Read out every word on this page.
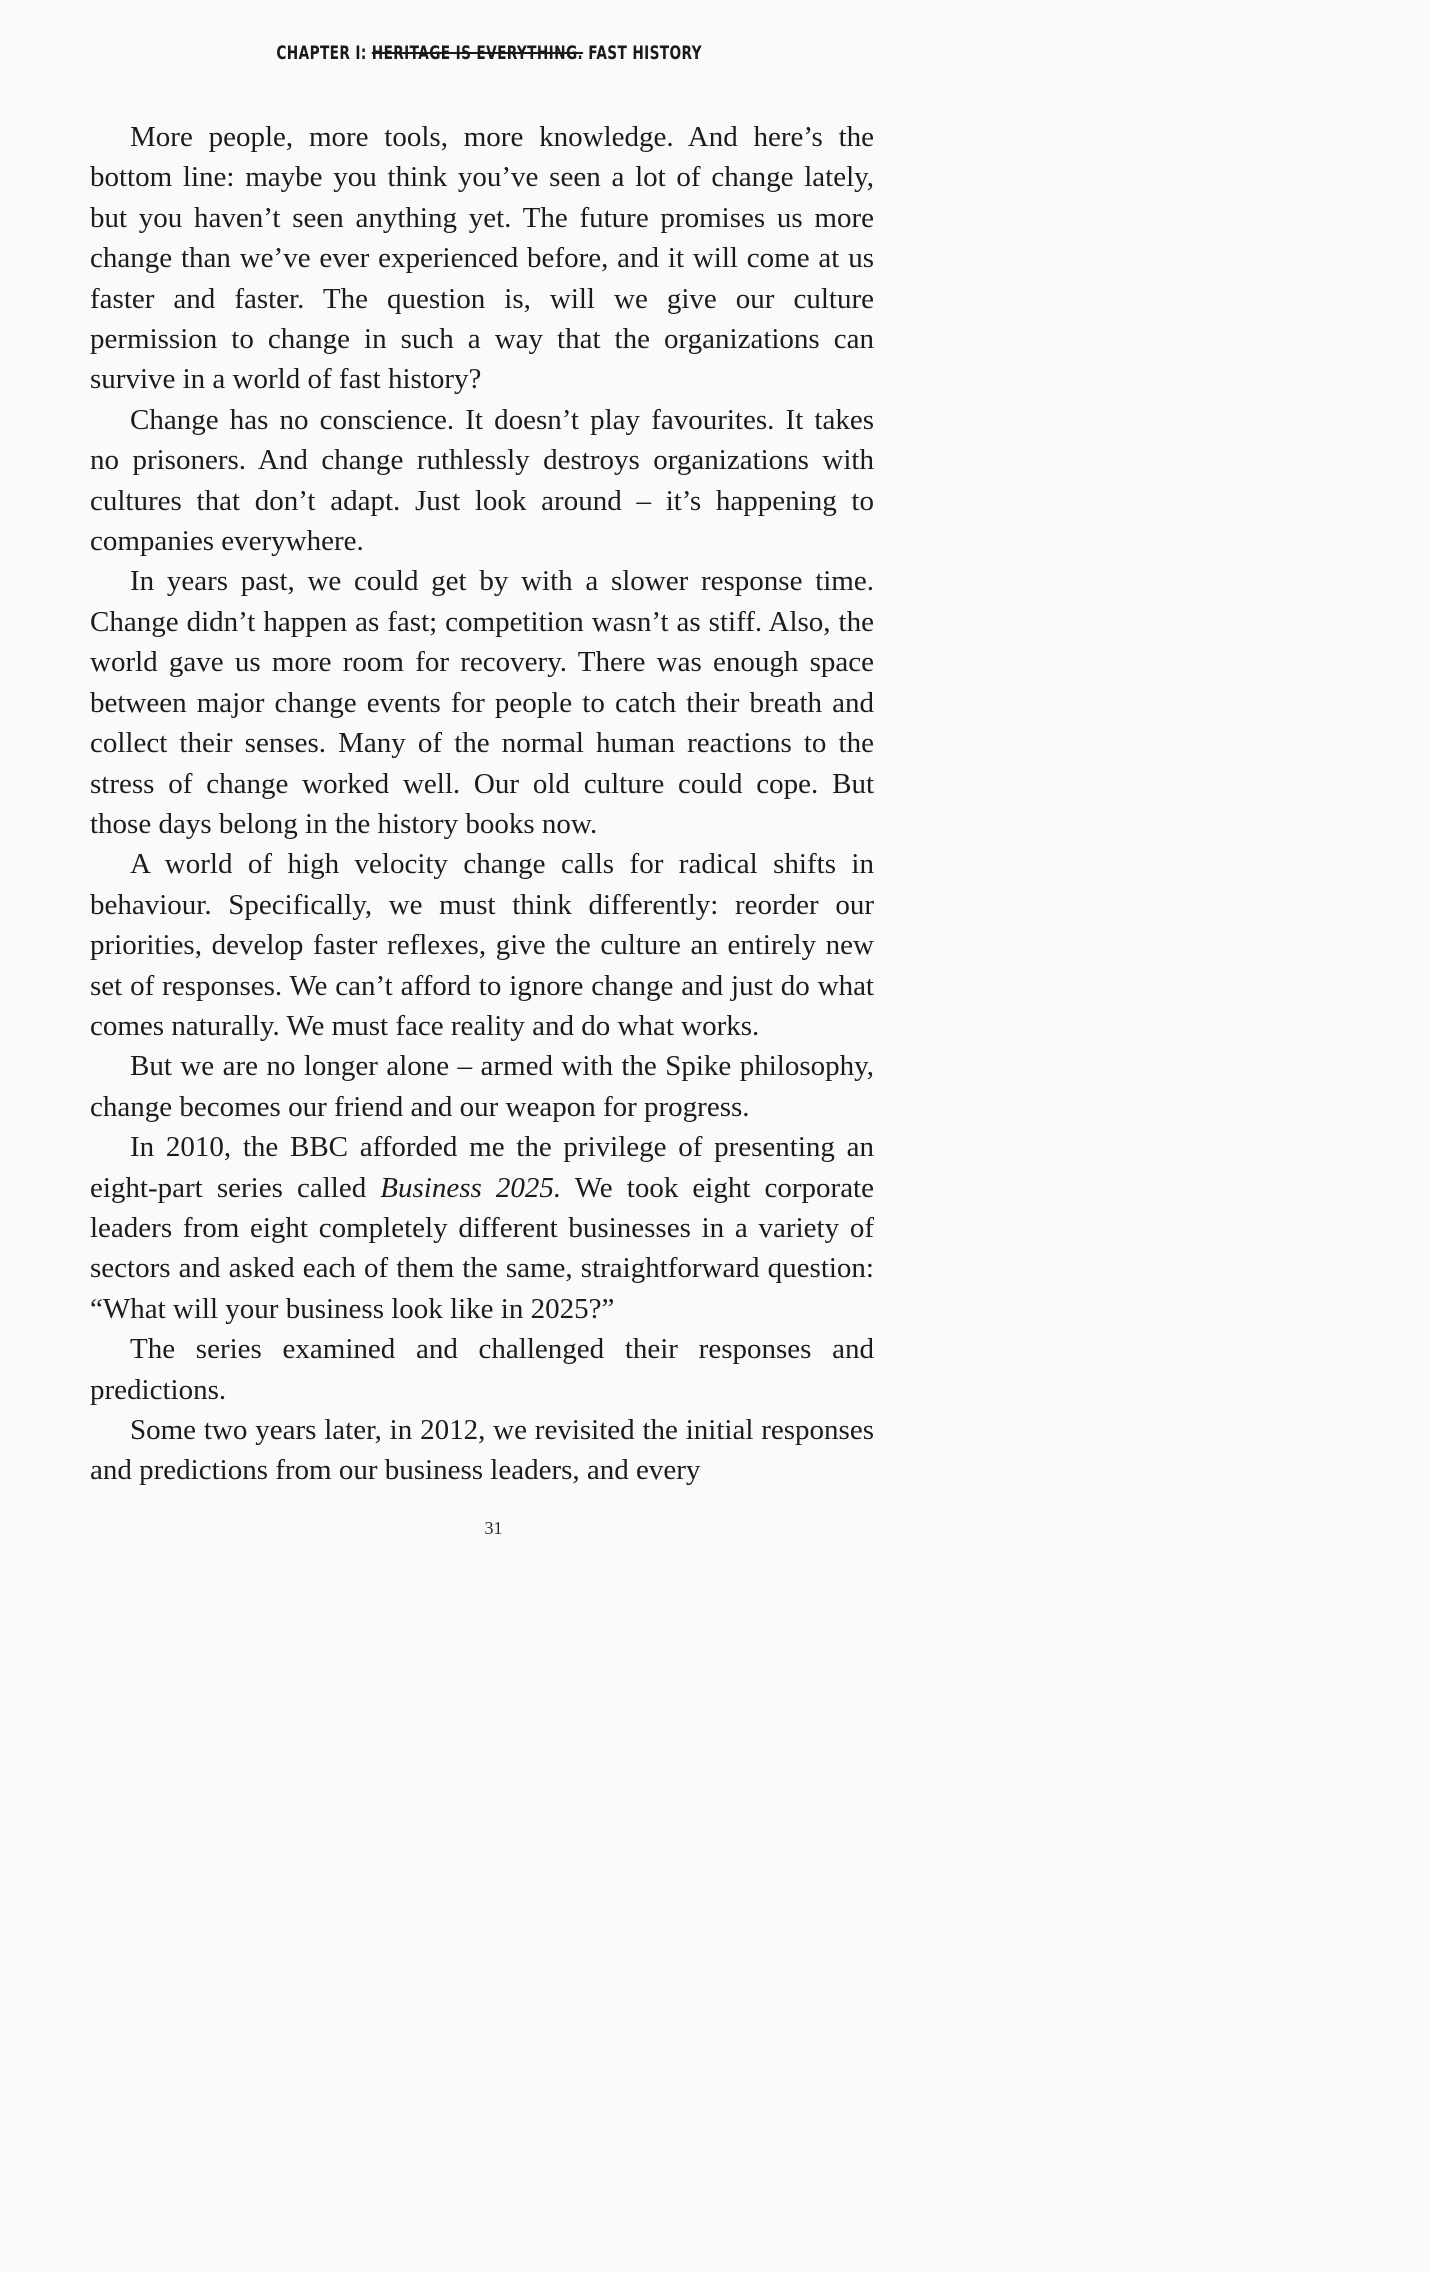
CHAPTER I: HERITAGE IS EVERYTHING. FAST HISTORY

More people, more tools, more knowledge. And here’s the bottom line: maybe you think you’ve seen a lot of change lately, but you haven’t seen anything yet. The future promises us more change than we’ve ever experienced before, and it will come at us faster and faster. The question is, will we give our culture permission to change in such a way that the organizations can survive in a world of fast history?

Change has no conscience. It doesn’t play favourites. It takes no prisoners. And change ruthlessly destroys organizations with cultures that don’t adapt. Just look around – it’s happening to companies everywhere.

In years past, we could get by with a slower response time. Change didn’t happen as fast; competition wasn’t as stiff. Also, the world gave us more room for recovery. There was enough space between major change events for people to catch their breath and collect their senses. Many of the normal human reactions to the stress of change worked well. Our old culture could cope. But those days belong in the history books now.

A world of high velocity change calls for radical shifts in behaviour. Specifically, we must think differently: reorder our priorities, develop faster reflexes, give the culture an entirely new set of responses. We can’t afford to ignore change and just do what comes naturally. We must face reality and do what works.

But we are no longer alone – armed with the Spike philosophy, change becomes our friend and our weapon for progress.

In 2010, the BBC afforded me the privilege of presenting an eight-part series called Business 2025. We took eight corporate leaders from eight completely different businesses in a variety of sectors and asked each of them the same, straightforward question: “What will your business look like in 2025?”

The series examined and challenged their responses and predictions.

Some two years later, in 2012, we revisited the initial responses and predictions from our business leaders, and every

31
